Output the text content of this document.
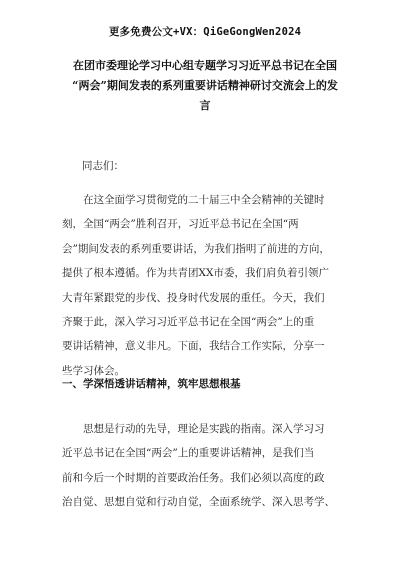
更多免费公文+VX：QiGeGongWen2024
在团市委理论学习中心组专题学习习近平总书记在全国
“两会”期间发表的系列重要讲话精神研讨交流会上的发
言
同志们：
在这全面学习贯彻党的二十届三中全会精神的关键时
刻，全国“两会”胜利召开，习近平总书记在全国“两
会”期间发表的系列重要讲话，为我们指明了前进的方向，
提供了根本遵循。作为共青团XX市委，我们肩负着引领广
大青年紧跟党的步伐、投身时代发展的重任。今天，我们
齐聚于此，深入学习习近平总书记在全国“两会”上的重
要讲话精神，意义非凡。下面，我结合工作实际，分享一
些学习体会。
一、学深悟透讲话精神，筑牢思想根基
思想是行动的先导，理论是实践的指南。深入学习习
近平总书记在全国“两会”上的重要讲话精神，是我们当
前和今后一个时期的首要政治任务。我们必须以高度的政
治自觉、思想自觉和行动自觉，全面系统学、深入思考学、
